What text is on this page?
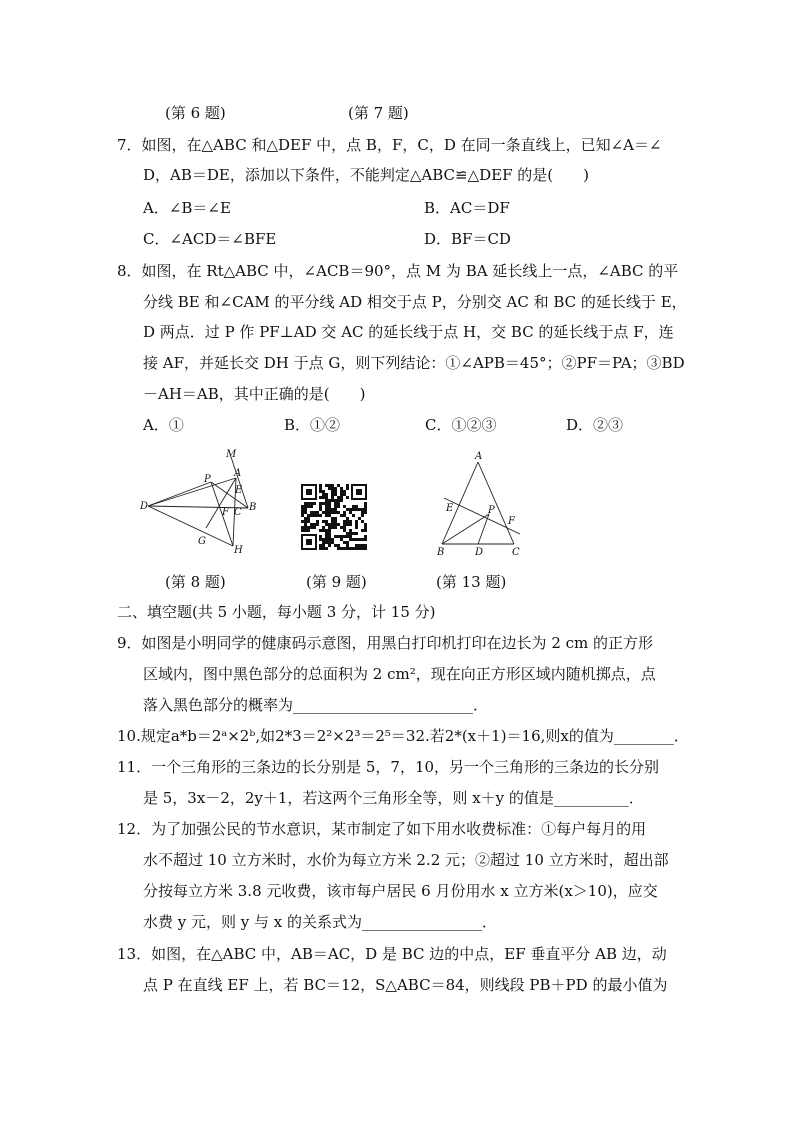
(第 6 题)	(第 7 题)
7．如图，在△ABC 和△DEF 中，点 B，F，C，D 在同一条直线上，已知∠A＝∠
D，AB＝DE，添加以下条件，不能判定△ABC≌△DEF 的是(　　)
A．∠B＝∠E	B．AC＝DF
C．∠ACD＝∠BFE	D．BF＝CD
8．如图，在 Rt△ABC 中，∠ACB＝90°，点 M 为 BA 延长线上一点，∠ABC 的平
分线 BE 和∠CAM 的平分线 AD 相交于点 P，分别交 AC 和 BC 的延长线于 E，
D 两点．过 P 作 PF⊥AD 交 AC 的延长线于点 H，交 BC 的延长线于点 F，连
接 AF，并延长交 DH 于点 G，则下列结论：①∠APB＝45°；②PF＝PA；③BD
－AH＝AB，其中正确的是(　　)
A．①	B．①②	C．①②③	D．②③
M
A
P
E
D	B
F C
G
H
A
E	P
F
B	D	C
(第 8 题)	(第 9 题)	(第 13 题)
二、填空题(共 5 小题，每小题 3 分，计 15 分)
9．如图是小明同学的健康码示意图，用黑白打印机打印在边长为 2 cm 的正方形
区域内，图中黑色部分的总面积为 2 cm²，现在向正方形区域内随机掷点，点
落入黑色部分的概率为________________________．
10.规定a*b＝2ᵃ×2ᵇ,如2*3＝2²×2³＝2⁵＝32.若2*(x＋1)＝16,则x的值为________．
11．一个三角形的三条边的长分别是 5，7，10，另一个三角形的三条边的长分别
是 5，3x－2，2y＋1，若这两个三角形全等，则 x＋y 的值是__________．
12．为了加强公民的节水意识，某市制定了如下用水收费标准：①每户每月的用
水不超过 10 立方米时，水价为每立方米 2.2 元；②超过 10 立方米时，超出部
分按每立方米 3.8 元收费，该市每户居民 6 月份用水 x 立方米(x＞10)，应交
水费 y 元，则 y 与 x 的关系式为________________．
13．如图，在△ABC 中，AB＝AC，D 是 BC 边的中点，EF 垂直平分 AB 边，动
点 P 在直线 EF 上，若 BC＝12，S△ABC＝84，则线段 PB＋PD 的最小值为
